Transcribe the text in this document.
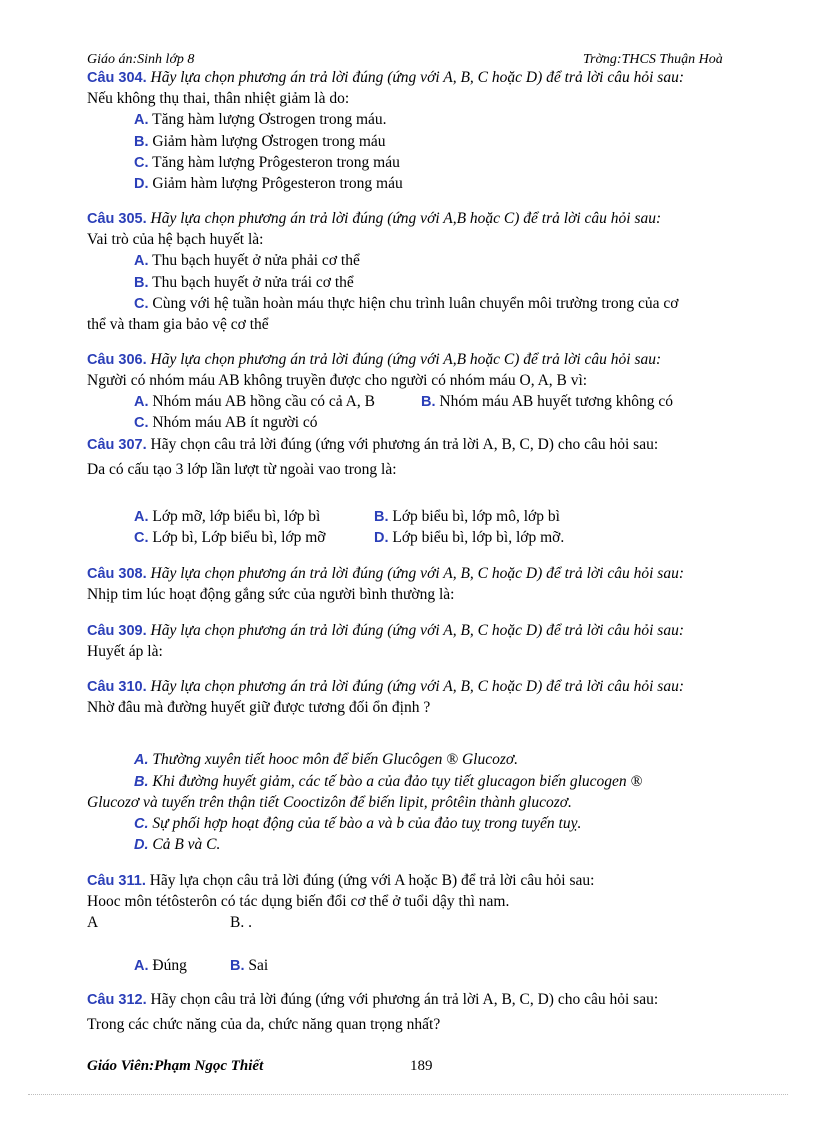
Giáo án:Sinh lớp 8	Trờng:THCS Thuận Hoà
Câu 304. Hãy lựa chọn phương án trả lời đúng (ứng với A, B, C hoặc D) để trả lời câu hỏi sau:
Nếu không thụ thai, thân nhiệt giảm là do:
A. Tăng hàm lượng Ơstrogen trong máu.
B. Giảm hàm lượng Ơstrogen trong máu
C. Tăng hàm lượng Prôgesteron trong máu
D. Giảm hàm lượng Prôgesteron trong máu
Câu 305. Hãy lựa chọn phương án trả lời đúng (ứng với A,B hoặc C) để trả lời câu hỏi sau:
Vai trò của hệ bạch huyết là:
A. Thu bạch huyết ở nửa phải cơ thể
B. Thu bạch huyết ở nửa trái cơ thể
C. Cùng với hệ tuần hoàn máu thực hiện chu trình luân chuyển môi trường trong của cơ
thể và tham gia bảo vệ cơ thể
Câu 306. Hãy lựa chọn phương án trả lời đúng (ứng với A,B hoặc C) để trả lời câu hỏi sau:
Người có nhóm máu AB không truyền được cho người có nhóm máu O, A, B vì:
A. Nhóm máu AB hồng cầu có cả A, B	B. Nhóm máu AB huyết tương không có
C. Nhóm máu AB ít người có
Câu 307. Hãy chọn câu trả lời đúng (ứng với phương án trả lời A, B, C, D) cho câu hỏi sau:
Da có cấu tạo 3 lớp lần lượt từ ngoài vao trong là:
A. Lớp mỡ, lớp biểu bì, lớp bì	B. Lớp biểu bì, lớp mô, lớp bì
C. Lớp bì, Lớp biểu bì, lớp mỡ	D. Lớp biểu bì, lớp bì, lớp mỡ.
Câu 308. Hãy lựa chọn phương án trả lời đúng (ứng với A, B, C hoặc D) để trả lời câu hỏi sau:
Nhịp tim lúc hoạt động gắng sức của người bình thường là:
Câu 309. Hãy lựa chọn phương án trả lời đúng (ứng với A, B, C hoặc D) để trả lời câu hỏi sau:
Huyết áp là:
Câu 310. Hãy lựa chọn phương án trả lời đúng (ứng với A, B, C hoặc D) để trả lời câu hỏi sau:
Nhờ đâu mà đường huyết giữ được tương đối ổn định ?
A. Thường xuyên tiết hooc môn để biến Glucôgen ® Glucozơ.
B. Khi đường huyết giảm, các tế bào a của đảo tụy tiết glucagon biến glucogen ®
Glucozơ và tuyến trên thận tiết Cooctizôn để biến lipit, prôtêin thành glucozơ.
C. Sự phối hợp hoạt động của tế bào a và b của đảo tuỵ trong tuyến tuỵ.
D. Cả B và C.
Câu 311. Hãy lựa chọn câu trả lời đúng (ứng với A hoặc B) để trả lời câu hỏi sau:
Hooc môn tétôsterôn có tác dụng biến đổi cơ thể ở tuổi dậy thì nam.
A	B. .
A. Đúng	B. Sai
Câu 312. Hãy chọn câu trả lời đúng (ứng với phương án trả lời A, B, C, D) cho câu hỏi sau:
Trong các chức năng của da, chức năng quan trọng nhất?
Giáo Viên:Phạm Ngọc Thiết	189
